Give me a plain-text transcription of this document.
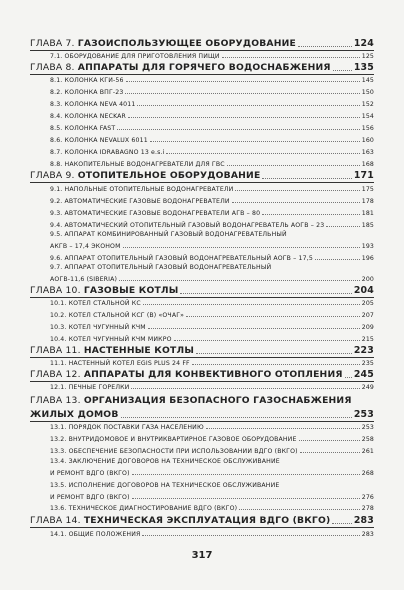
ГЛАВА 7. ГАЗОИСПОЛЬЗУЮЩЕЕ ОБОРУДОВАНИЕ	124
7.1. ОБОРУДОВАНИЕ ДЛЯ ПРИГОТОВЛЕНИЯ ПИЩИ	125
ГЛАВА 8. АППАРАТЫ ДЛЯ ГОРЯЧЕГО ВОДОСНАБЖЕНИЯ 135
8.1. КОЛОНКА КГИ-56	145
8.2. КОЛОНКА ВПГ-23	150
8.3. КОЛОНКА NEVA 4011	152
8.4. КОЛОНКА NECKAR	154
8.5. КОЛОНКА FAST	156
8.6. КОЛОНКА NEVALUX 6011	160
8.7. КОЛОНКА IDRABAGNO 13 e.s.i	163
8.8. НАКОПИТЕЛЬНЫЕ ВОДОНАГРЕВАТЕЛИ ДЛЯ ГВС	168
ГЛАВА 9. ОТОПИТЕЛЬНОЕ ОБОРУДОВАНИЕ	171
9.1. НАПОЛЬНЫЕ ОТОПИТЕЛЬНЫЕ ВОДОНАГРЕВАТЕЛИ	175
9.2. АВТОМАТИЧЕСКИЕ ГАЗОВЫЕ ВОДОНАГРЕВАТЕЛИ	178
9.3. АВТОМАТИЧЕСКИЕ ГАЗОВЫЕ ВОДОНАГРЕВАТЕЛИ АГВ – 80	181
9.4. АВТОМАТИЧЕСКИЙ ОТОПИТЕЛЬНЫЙ ГАЗОВЫЙ ВОДОНАГРЕВАТЕЛЬ АОГВ – 23	185
9.5. АППАРАТ КОМБИНИРОВАННЫЙ ГАЗОВЫЙ ВОДОНАГРЕВАТЕЛЬНЫЙ
АКГВ – 17,4 ЭКОНОМ	193
9.6. АППАРАТ ОТОПИТЕЛЬНЫЙ ГАЗОВЫЙ ВОДОНАГРЕВАТЕЛЬНЫЙ АОГВ – 17,5	196
9.7. АППАРАТ ОТОПИТЕЛЬНЫЙ ГАЗОВЫЙ ВОДОНАГРЕВАТЕЛЬНЫЙ
АОГВ-11,6 (SIBERIA)	200
ГЛАВА 10. ГАЗОВЫЕ КОТЛЫ	204
10.1. КОТЕЛ СТАЛЬНОЙ КС	205
10.2. КОТЕЛ СТАЛЬНОЙ КСГ (В) «ОЧАГ»	207
10.3. КОТЕЛ ЧУГУННЫЙ КЧМ	209
10.4. КОТЕЛ ЧУГУННЫЙ КЧМ МИКРО	215
ГЛАВА 11. НАСТЕННЫЕ КОТЛЫ	223
11.1. НАСТЕННЫЙ КОТЕЛ EGIS PLUS 24 FF	235
ГЛАВА 12. АППАРАТЫ ДЛЯ КОНВЕКТИВНОГО ОТОПЛЕНИЯ 245
12.1. ПЕЧНЫЕ ГОРЕЛКИ	249
ГЛАВА 13. ОРГАНИЗАЦИЯ БЕЗОПАСНОГО ГАЗОСНАБЖЕНИЯ
ЖИЛЫХ ДОМОВ	253
13.1. ПОРЯДОК ПОСТАВКИ ГАЗА НАСЕЛЕНИЮ	253
13.2. ВНУТРИДОМОВОЕ И ВНУТРИКВАРТИРНОЕ ГАЗОВОЕ ОБОРУДОВАНИЕ	258
13.3. ОБЕСПЕЧЕНИЕ БЕЗОПАСНОСТИ ПРИ ИСПОЛЬЗОВАНИИ ВДГО (ВКГО)	261
13.4. ЗАКЛЮЧЕНИЕ ДОГОВОРОВ НА ТЕХНИЧЕСКОЕ ОБСЛУЖИВАНИЕ
И РЕМОНТ ВДГО (ВКГО)	268
13.5. ИСПОЛНЕНИЕ ДОГОВОРОВ НА ТЕХНИЧЕСКОЕ ОБСЛУЖИВАНИЕ
И РЕМОНТ ВДГО (ВКГО)	276
13.6. ТЕХНИЧЕСКОЕ ДИАГНОСТИРОВАНИЕ ВДГО (ВКГО)	278
ГЛАВА 14. ТЕХНИЧЕСКАЯ ЭКСПЛУАТАЦИЯ ВДГО (ВКГО) 283
14.1. ОБЩИЕ ПОЛОЖЕНИЯ	283
317
